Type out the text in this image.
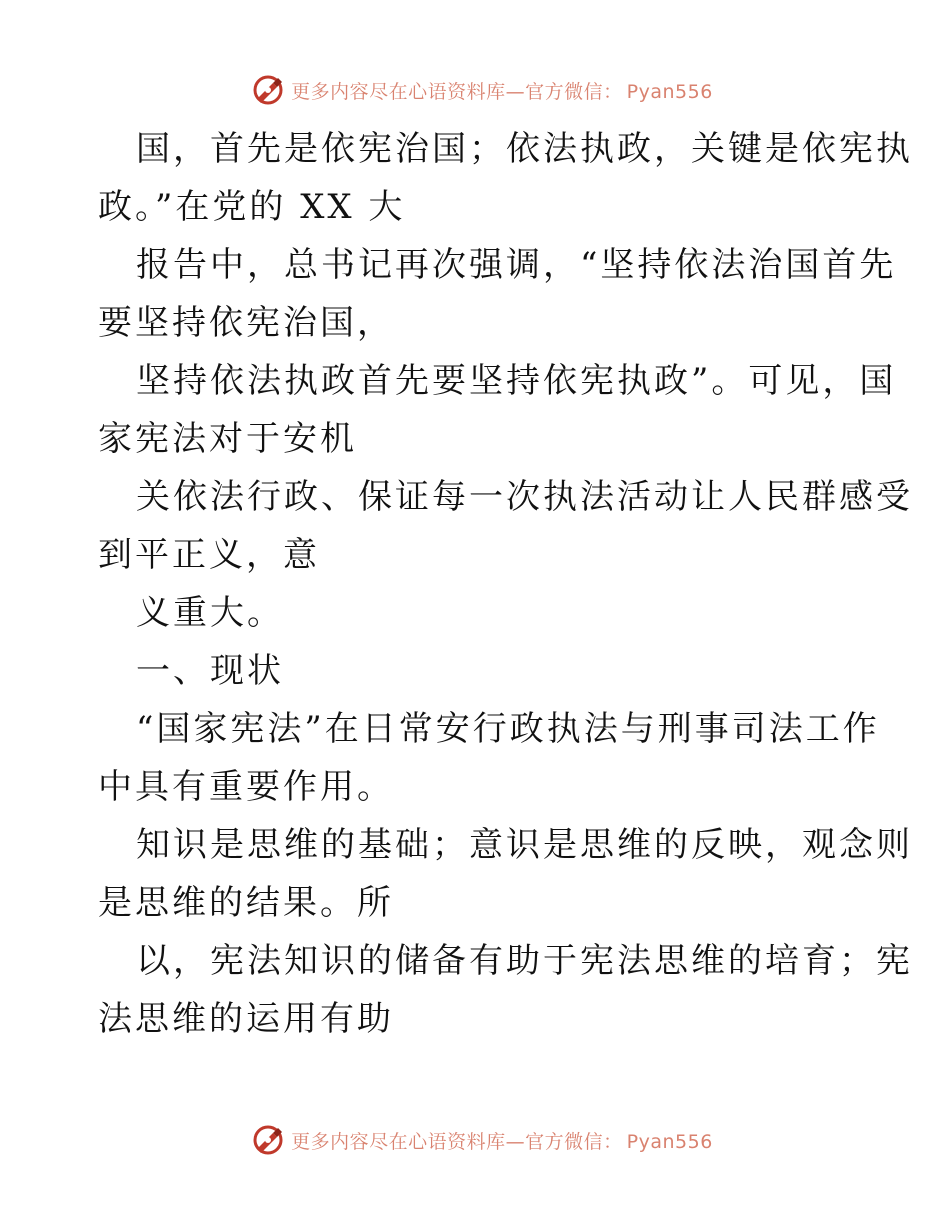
更多内容尽在心语资料库—官方微信： Pyan556
国，首先是依宪治国；依法执政，关键是依宪执
政。”在党的 XX 大
报告中，总书记再次强调，“坚持依法治国首先
要坚持依宪治国，
坚持依法执政首先要坚持依宪执政”。可见，国
家宪法对于安机
关依法行政、保证每一次执法活动让人民群感受
到平正义，意
义重大。
一、现状
“国家宪法”在日常安行政执法与刑事司法工作
中具有重要作用。
知识是思维的基础；意识是思维的反映，观念则
是思维的结果。所
以，宪法知识的储备有助于宪法思维的培育；宪
法思维的运用有助
更多内容尽在心语资料库—官方微信： Pyan556
